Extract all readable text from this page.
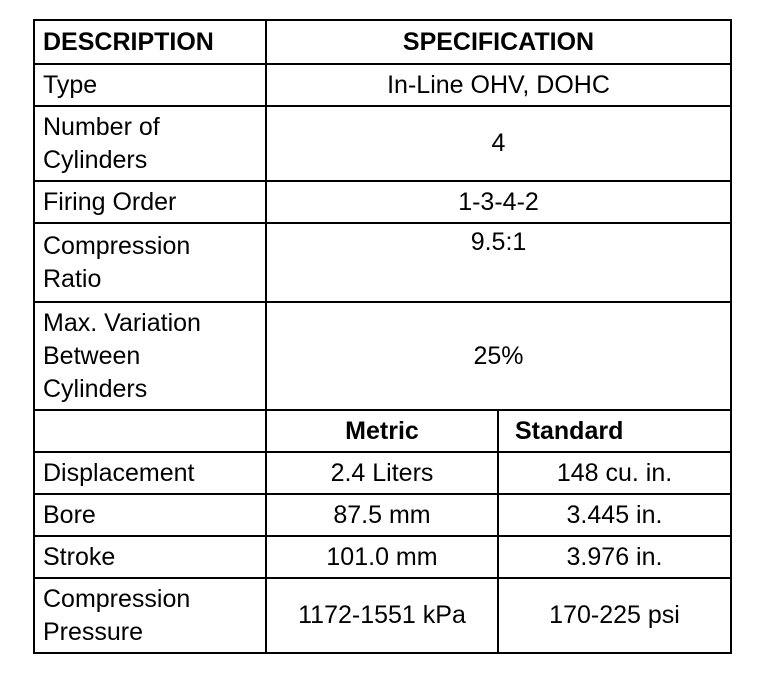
DESCRIPTION	SPECIFICATION	
Type	In-Line OHV, DOHC	
Number of
Cylinders	4	
Firing Order	1-3-4-2	
Compression
Ratio	9.5:1	
Max. Variation
Between
Cylinders	25%	
	Metric	Standard
Displacement	2.4 Liters	148 cu. in.
Bore	87.5 mm	3.445 in.
Stroke	101.0 mm	3.976 in.
Compression
Pressure	1172-1551 kPa	170-225 psi
